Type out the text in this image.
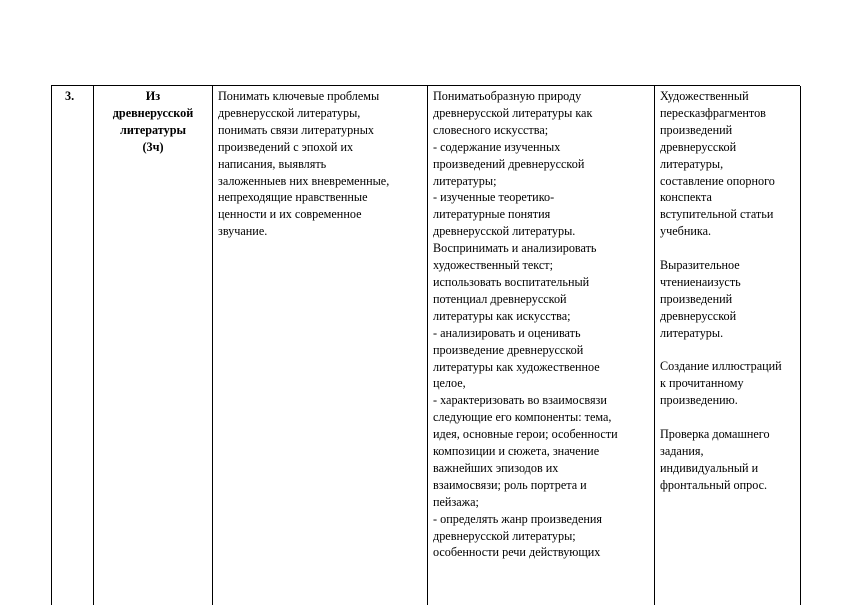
3.	Из
древнерусской
литературы
(3ч)
Понимать ключевые проблемы
древнерусской литературы,
понимать связи литературных
произведений с эпохой их
написания, выявлять
заложенныев них вневременные,
непреходящие нравственные
ценности и их современное
звучание.
Пониматьобразную природу
древнерусской литературы как
словесного искусства;
- содержание изученных
произведений древнерусской
литературы;
- изученные теоретико-
литературные понятия
древнерусской литературы.
Воспринимать и анализировать
художественный текст;
использовать воспитательный
потенциал древнерусской
литературы как искусства;
- анализировать и оценивать
произведение древнерусской
литературы как художественное
целое,
- характеризовать во взаимосвязи
следующие его компоненты: тема,
идея, основные герои; особенности
композиции и сюжета, значение
важнейших эпизодов их
взаимосвязи; роль портрета и
пейзажа;
- определять жанр произведения
древнерусской литературы;
особенности речи действующих
Художественный
пересказфрагментов
произведений
древнерусской
литературы,
составление опорного
конспекта
вступительной статьи
учебника.
Выразительное
чтениенаизусть
произведений
древнерусской
литературы.
Создание иллюстраций
к прочитанному
произведению.
Проверка домашнего
задания,
индивидуальный и
фронтальный опрос.
